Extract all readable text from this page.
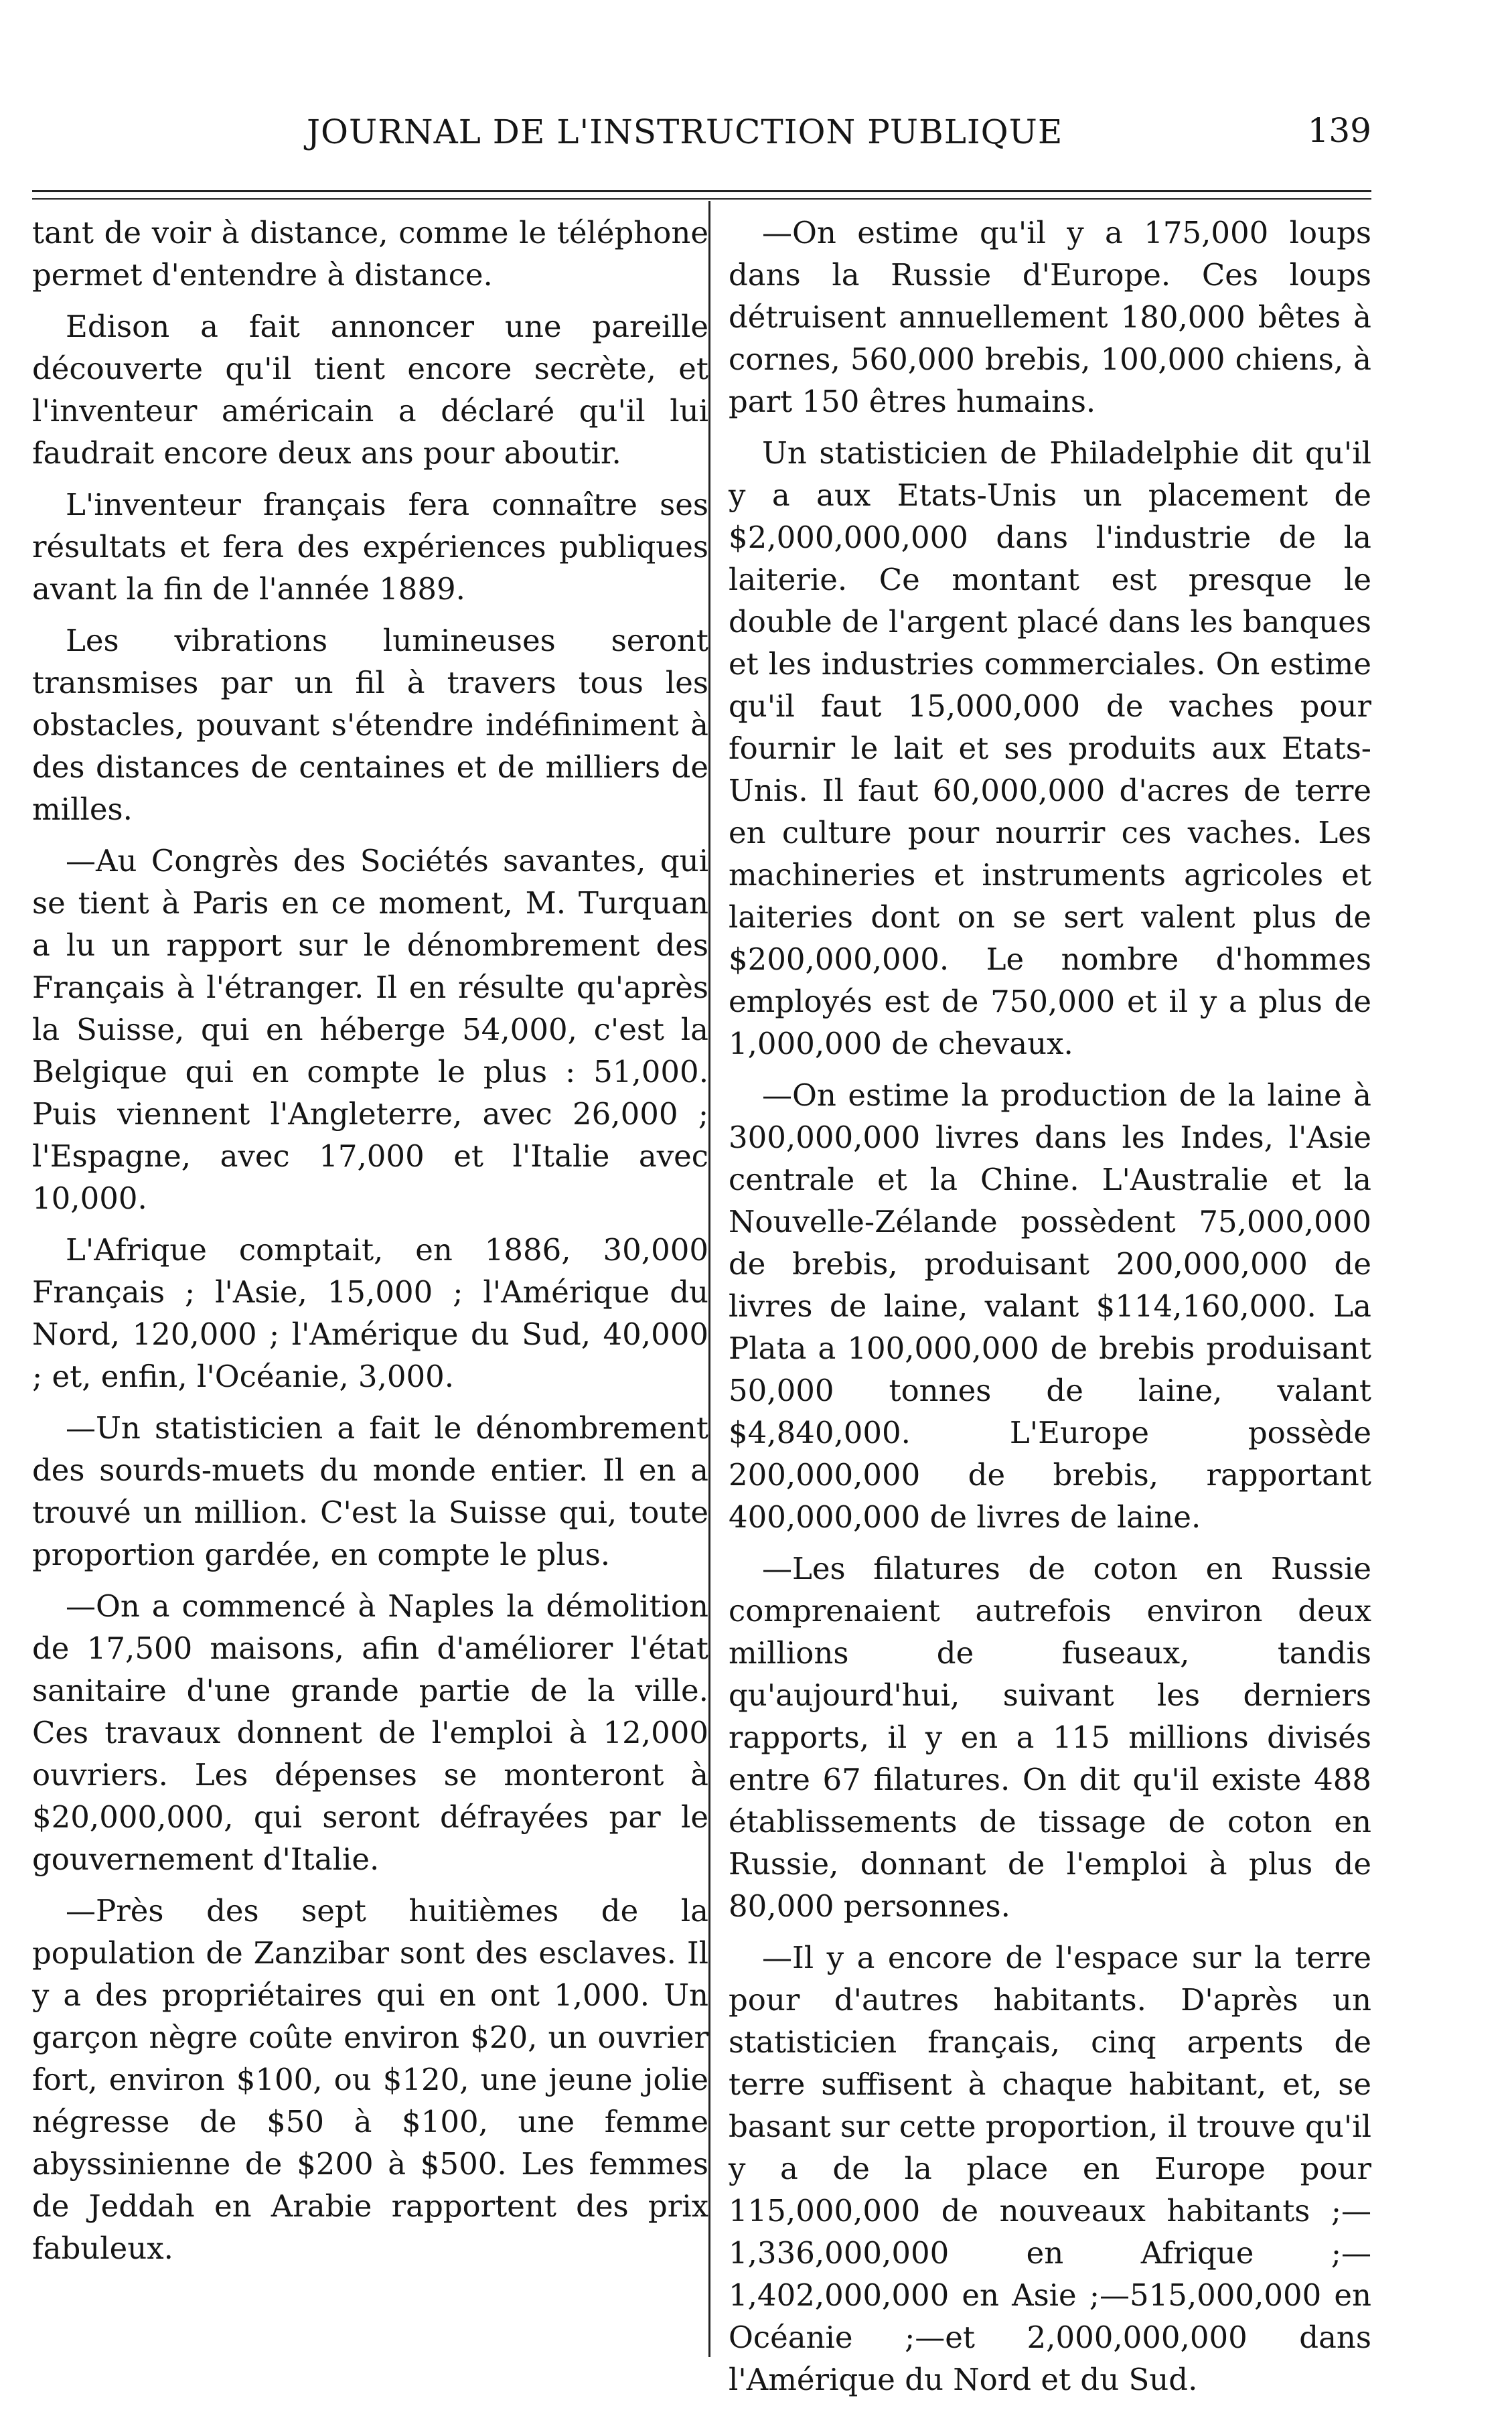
JOURNAL DE L'INSTRUCTION PUBLIQUE	139

tant de voir à distance, comme le téléphone permet d'entendre à distance.

Edison a fait annoncer une pareille découverte qu'il tient encore secrète, et l'inventeur américain a déclaré qu'il lui faudrait encore deux ans pour aboutir.

L'inventeur français fera connaître ses résultats et fera des expériences publiques avant la fin de l'année 1889.

Les vibrations lumineuses seront transmises par un fil à travers tous les obstacles, pouvant s'étendre indéfiniment à des distances de centaines et de milliers de milles.

—Au Congrès des Sociétés savantes, qui se tient à Paris en ce moment, M. Turquan a lu un rapport sur le dénombrement des Français à l'étranger. Il en résulte qu'après la Suisse, qui en héberge 54,000, c'est la Belgique qui en compte le plus : 51,000. Puis viennent l'Angleterre, avec 26,000 ; l'Espagne, avec 17,000 et l'Italie avec 10,000.

L'Afrique comptait, en 1886, 30,000 Français ; l'Asie, 15,000 ; l'Amérique du Nord, 120,000 ; l'Amérique du Sud, 40,000 ; et, enfin, l'Océanie, 3,000.

—Un statisticien a fait le dénombrement des sourds-muets du monde entier. Il en a trouvé un million. C'est la Suisse qui, toute proportion gardée, en compte le plus.

—On a commencé à Naples la démolition de 17,500 maisons, afin d'améliorer l'état sanitaire d'une grande partie de la ville. Ces travaux donnent de l'emploi à 12,000 ouvriers. Les dépenses se monteront à $20,000,000, qui seront défrayées par le gouvernement d'Italie.

—Près des sept huitièmes de la population de Zanzibar sont des esclaves. Il y a des propriétaires qui en ont 1,000. Un garçon nègre coûte environ $20, un ouvrier fort, environ $100, ou $120, une jeune jolie négresse de $50 à $100, une femme abyssinienne de $200 à $500. Les femmes de Jeddah en Arabie rapportent des prix fabuleux.

—On estime qu'il y a 175,000 loups dans la Russie d'Europe. Ces loups détruisent annuellement 180,000 bêtes à cornes, 560,000 brebis, 100,000 chiens, à part 150 êtres humains.

Un statisticien de Philadelphie dit qu'il y a aux Etats-Unis un placement de $2,000,000,000 dans l'industrie de la laiterie. Ce montant est presque le double de l'argent placé dans les banques et les industries commerciales. On estime qu'il faut 15,000,000 de vaches pour fournir le lait et ses produits aux Etats-Unis. Il faut 60,000,000 d'acres de terre en culture pour nourrir ces vaches. Les machineries et instruments agricoles et laiteries dont on se sert valent plus de $200,000,000. Le nombre d'hommes employés est de 750,000 et il y a plus de 1,000,000 de chevaux.

—On estime la production de la laine à 300,000,000 livres dans les Indes, l'Asie centrale et la Chine. L'Australie et la Nouvelle-Zélande possèdent 75,000,000 de brebis, produisant 200,000,000 de livres de laine, valant $114,160,000. La Plata a 100,000,000 de brebis produisant 50,000 tonnes de laine, valant $4,840,000. L'Europe possède 200,000,000 de brebis, rapportant 400,000,000 de livres de laine.

—Les filatures de coton en Russie comprenaient autrefois environ deux millions de fuseaux, tandis qu'aujourd'hui, suivant les derniers rapports, il y en a 115 millions divisés entre 67 filatures. On dit qu'il existe 488 établissements de tissage de coton en Russie, donnant de l'emploi à plus de 80,000 personnes.

—Il y a encore de l'espace sur la terre pour d'autres habitants. D'après un statisticien français, cinq arpents de terre suffisent à chaque habitant, et, se basant sur cette proportion, il trouve qu'il y a de la place en Europe pour 115,000,000 de nouveaux habitants ;—1,336,000,000 en Afrique ;—1,402,000,000 en Asie ;—515,000,000 en Océanie ;—et 2,000,000,000 dans l'Amérique du Nord et du Sud.
